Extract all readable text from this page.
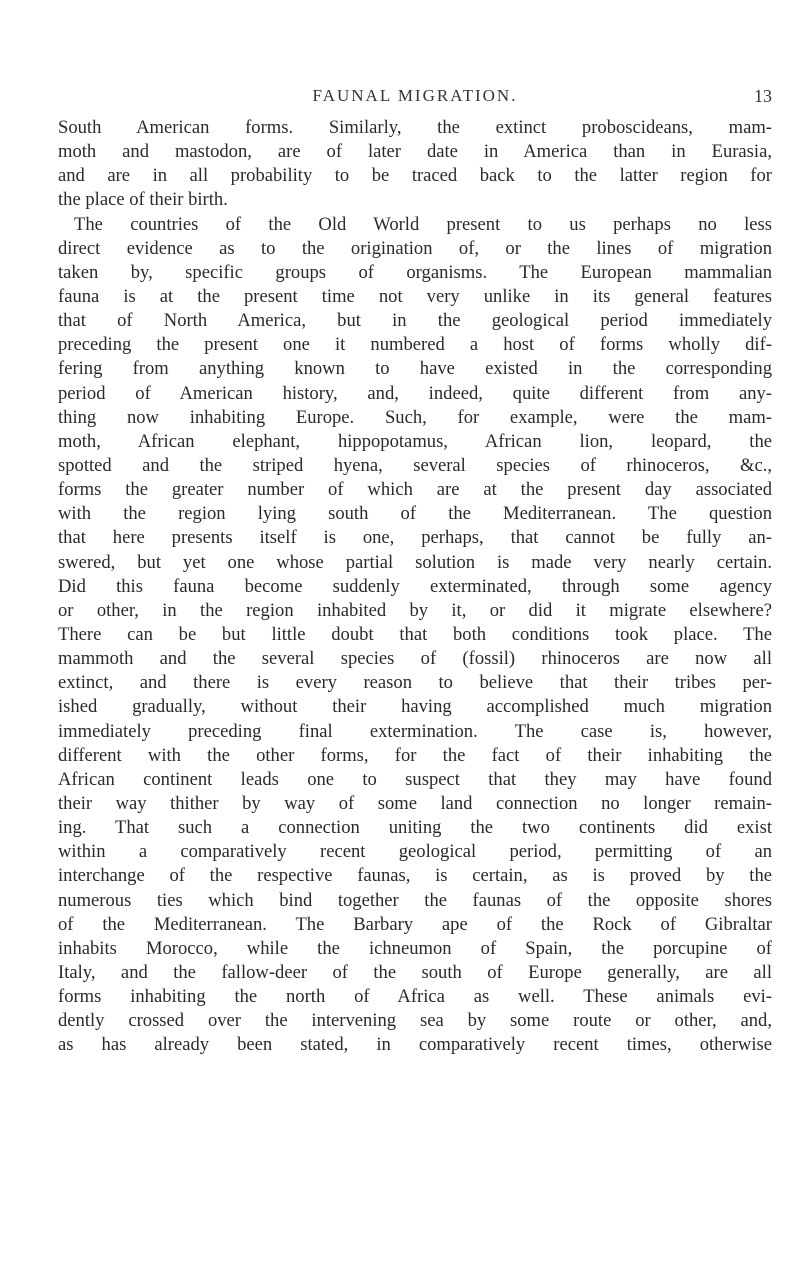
FAUNAL MIGRATION.	13
South American forms. Similarly, the extinct proboscideans, mam-
moth and mastodon, are of later date in America than in Eurasia,
and are in all probability to be traced back to the latter region for
the place of their birth.
The countries of the Old World present to us perhaps no less
direct evidence as to the origination of, or the lines of migration
taken by, specific groups of organisms. The European mammalian
fauna is at the present time not very unlike in its general features
that of North America, but in the geological period immediately
preceding the present one it numbered a host of forms wholly dif-
fering from anything known to have existed in the corresponding
period of American history, and, indeed, quite different from any-
thing now inhabiting Europe. Such, for example, were the mam-
moth, African elephant, hippopotamus, African lion, leopard, the
spotted and the striped hyena, several species of rhinoceros, &c.,
forms the greater number of which are at the present day associated
with the region lying south of the Mediterranean. The question
that here presents itself is one, perhaps, that cannot be fully an-
swered, but yet one whose partial solution is made very nearly certain.
Did this fauna become suddenly exterminated, through some agency
or other, in the region inhabited by it, or did it migrate elsewhere?
There can be but little doubt that both conditions took place. The
mammoth and the several species of (fossil) rhinoceros are now all
extinct, and there is every reason to believe that their tribes per-
ished gradually, without their having accomplished much migration
immediately preceding final extermination. The case is, however,
different with the other forms, for the fact of their inhabiting the
African continent leads one to suspect that they may have found
their way thither by way of some land connection no longer remain-
ing. That such a connection uniting the two continents did exist
within a comparatively recent geological period, permitting of an
interchange of the respective faunas, is certain, as is proved by the
numerous ties which bind together the faunas of the opposite shores
of the Mediterranean. The Barbary ape of the Rock of Gibraltar
inhabits Morocco, while the ichneumon of Spain, the porcupine of
Italy, and the fallow-deer of the south of Europe generally, are all
forms inhabiting the north of Africa as well. These animals evi-
dently crossed over the intervening sea by some route or other, and,
as has already been stated, in comparatively recent times, otherwise
